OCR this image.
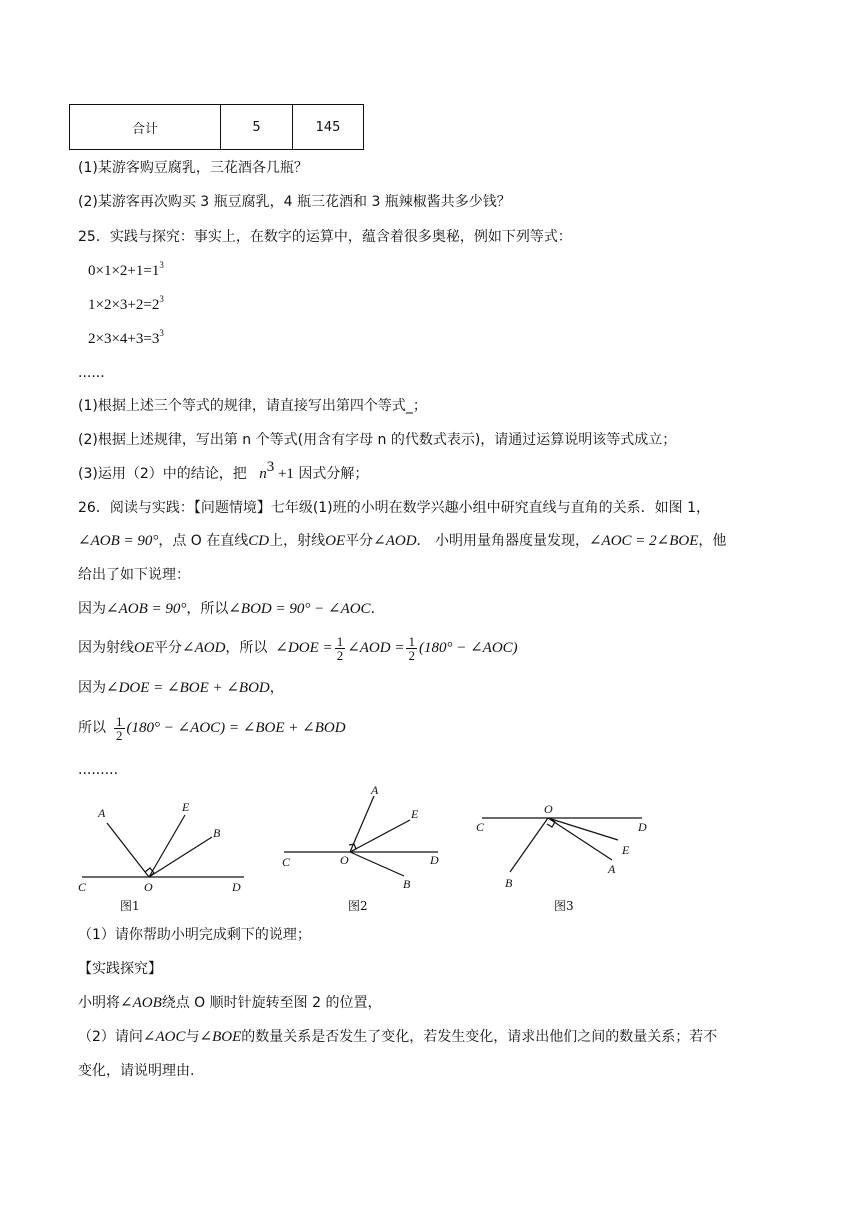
合计	5	145
(1)某游客购豆腐乳，三花酒各几瓶？
(2)某游客再次购买 3 瓶豆腐乳，4 瓶三花酒和 3 瓶辣椒酱共多少钱？
25．实践与探究：事实上，在数字的运算中，蕴含着很多奥秘，例如下列等式：
$0\times 1\times 2+1=1^3$
$1\times 2\times 3+2=2^3$
$2\times 3\times 4+3=3^3$
......
(1)根据上述三个等式的规律，请直接写出第四个等式_；
(2)根据上述规律，写出第 n 个等式(用含有字母 n 的代数式表示)，请通过运算说明该等式成立；
(3)运用（2）中的结论，把 $n^3 +1$ 因式分解；
26．阅读与实践：【问题情境】七年级(1)班的小明在数学兴趣小组中研究直线与直角的关系．如图 1，
∠AOB = 90°，点 O 在直线CD上，射线OE平分∠AOD． 小明用量角器度量发现，∠AOC = 2∠BOE，他
给出了如下说理：
因为∠AOB = 90°，所以∠BOD = 90° − ∠AOC．
因为射线OE平分∠AOD，所以 ∠DOE = $\frac{1}{2}$ ∠AOD = $\frac{1}{2} (180^\circ$ − ∠AOC)
因为∠DOE = ∠BOE + ∠BOD，
所以 $\frac{1}{2} (180^\circ$ − ∠AOC) = ∠BOE + ∠BOD
.........
A	E
B
C	O	D
图1
A
E
C	O	D
B
图2
O
C	D
E
A
B
图3
（1）请你帮助小明完成剩下的说理；
【实践探究】
小明将∠AOB绕点 O 顺时针旋转至图 2 的位置，
（2）请问∠AOC与∠BOE的数量关系是否发生了变化，若发生变化，请求出他们之间的数量关系；若不
变化，请说明理由.
